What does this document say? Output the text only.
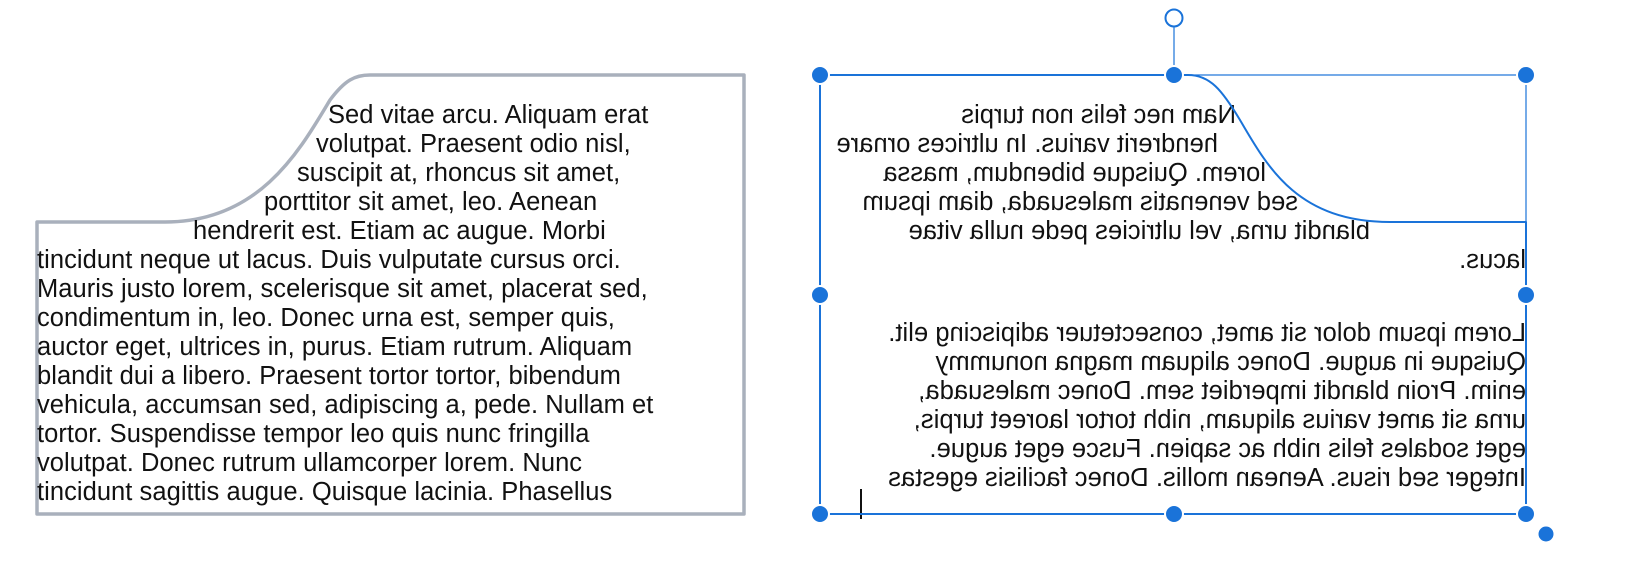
Sed vitae arcu. Aliquam erat
volutpat. Praesent odio nisl,
suscipit at, rhoncus sit amet,
porttitor sit amet, leo. Aenean
hendrerit est. Etiam ac augue. Morbi
tincidunt neque ut lacus. Duis vulputate cursus orci.
Mauris justo lorem, scelerisque sit amet, placerat sed,
condimentum in, leo. Donec urna est, semper quis,
auctor eget, ultrices in, purus. Etiam rutrum. Aliquam
blandit dui a libero. Praesent tortor tortor, bibendum
vehicula, accumsan sed, adipiscing a, pede. Nullam et
tortor. Suspendisse tempor leo quis nunc fringilla
volutpat. Donec rutrum ullamcorper lorem. Nunc
tincidunt sagittis augue. Quisque lacinia. Phasellus
Nam nec felis non turpis
hendrerit varius. In ultrices ornare
lorem. Quisque bibendum, massa
sed venenatis malesuada, diam ipsum
blandit urna, vel ultricies pede nulla vitae
lacus.
Lorem ipsum dolor sit amet, consectetuer adipiscing elit.
Quisque in augue. Donec aliquam magna nonummy
enim. Proin blandit imperdiet sem. Donec malesuada,
urna sit amet varius aliquam, nibh tortor laoreet turpis,
eget sodales felis nibh ac sapien. Fusce eget augue.
Integer sed risus. Aenean mollis. Donec facilisis egestas
